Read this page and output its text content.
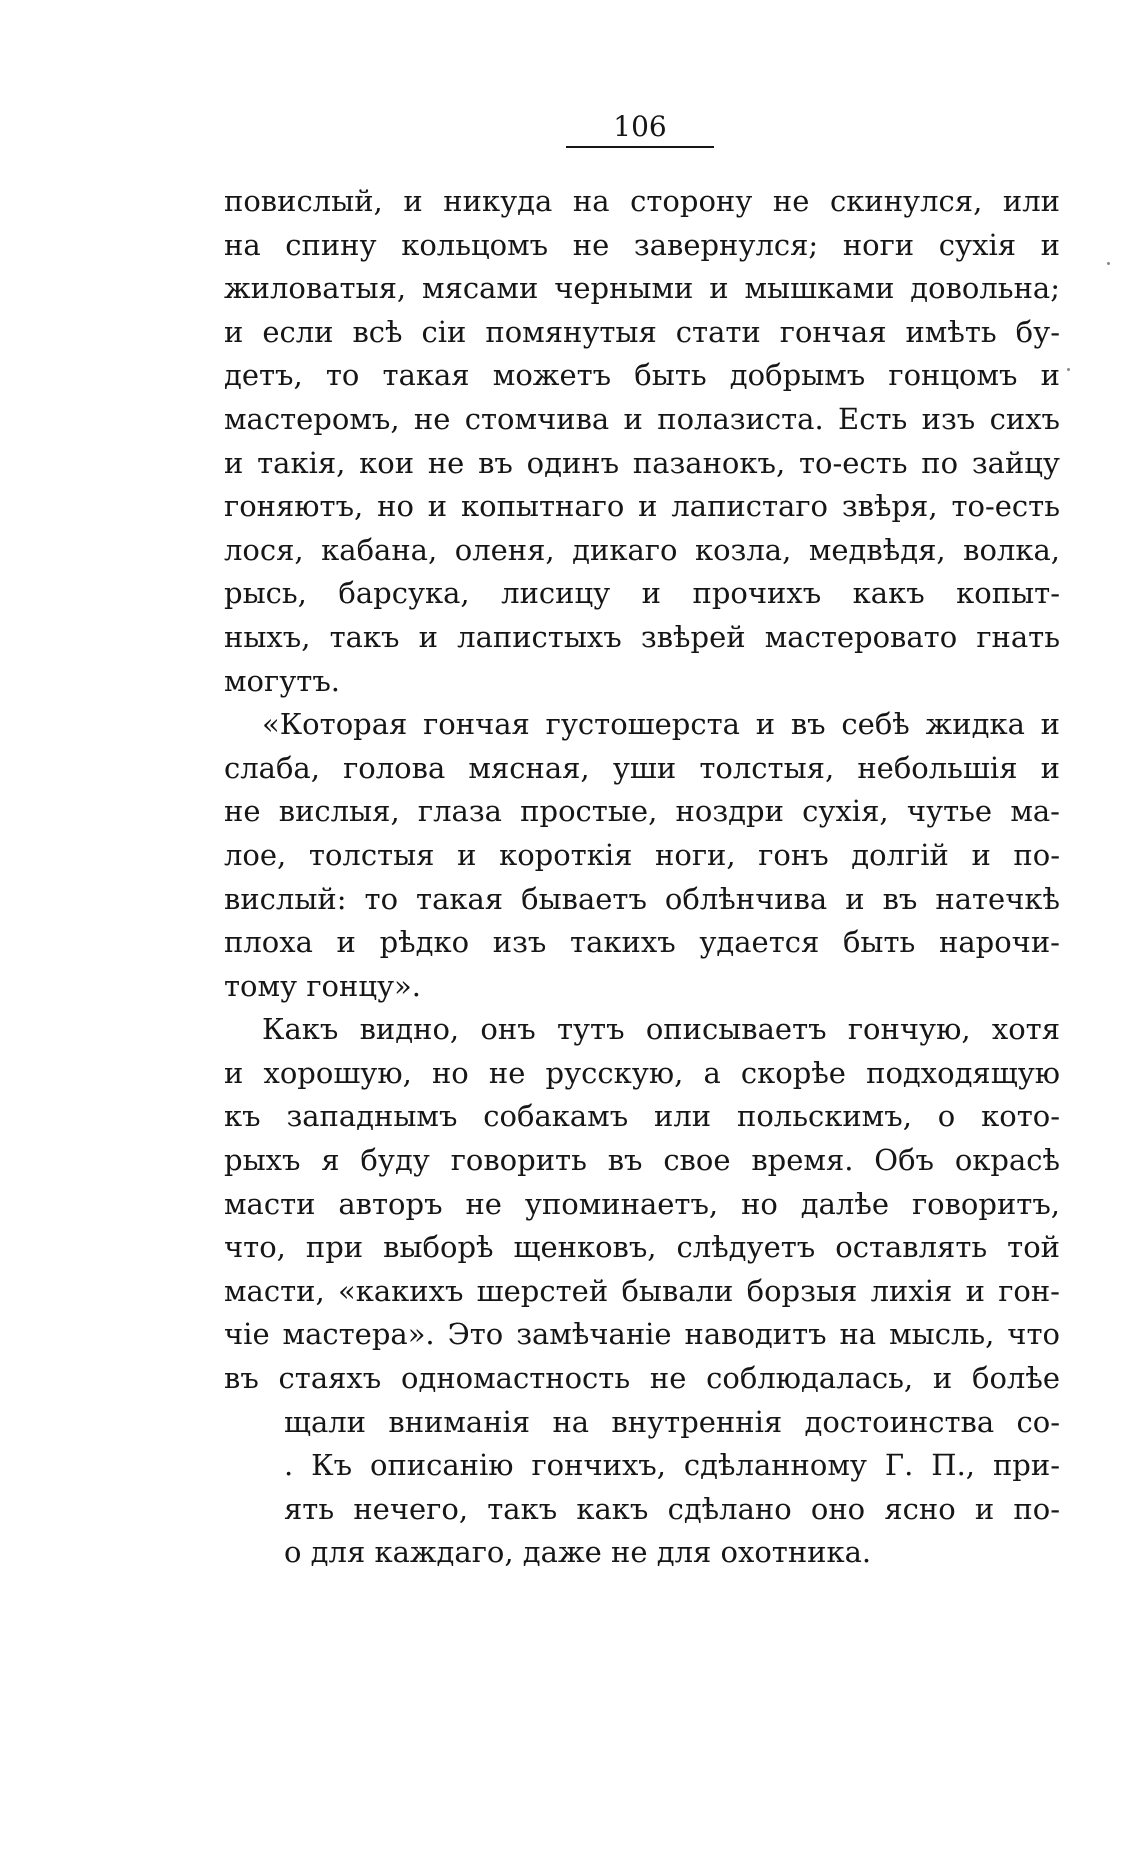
106
повислый, и никуда на сторону не скинулся, или
на спину кольцомъ не завернулся; ноги сухія и
жиловатыя, мясами черными и мышками довольна;
и если всѣ сіи помянутыя стати гончая имѣть бу-
детъ, то такая можетъ быть добрымъ гонцомъ и
мастеромъ, не стомчива и полазиста. Есть изъ сихъ
и такія, кои не въ одинъ пазанокъ, то-есть по зайцу
гоняютъ, но и копытнаго и лапистаго звѣря, то-есть
лося, кабана, оленя, дикаго козла, медвѣдя, волка,
рысь, барсука, лисицу и прочихъ какъ копыт-
ныхъ, такъ и лапистыхъ звѣрей мастеровато гнать
могутъ.
«Которая гончая густошерста и въ себѣ жидка и
слаба, голова мясная, уши толстыя, небольшія и
не вислыя, глаза простые, ноздри сухія, чутье ма-
лое, толстыя и короткія ноги, гонъ долгій и по-
вислый: то такая бываетъ облѣнчива и въ натечкѣ
плоха и рѣдко изъ такихъ удается быть нарочи-
тому гонцу».
Какъ видно, онъ тутъ описываетъ гончую, хотя
и хорошую, но не русскую, а скорѣе подходящую
къ западнымъ собакамъ или польскимъ, о кото-
рыхъ я буду говорить въ свое время. Объ окрасѣ
масти авторъ не упоминаетъ, но далѣе говоритъ,
что, при выборѣ щенковъ, слѣдуетъ оставлять той
масти, «какихъ шерстей бывали борзыя лихія и гон-
чіе мастера». Это замѣчаніе наводитъ на мысль, что
въ стаяхъ одномастность не соблюдалась, и болѣе
щали вниманія на внутреннія достоинства со-
. Къ описанію гончихъ, сдѣланному Г. П., при-
ять нечего, такъ какъ сдѣлано оно ясно и по-
о для каждаго, даже не для охотника.
